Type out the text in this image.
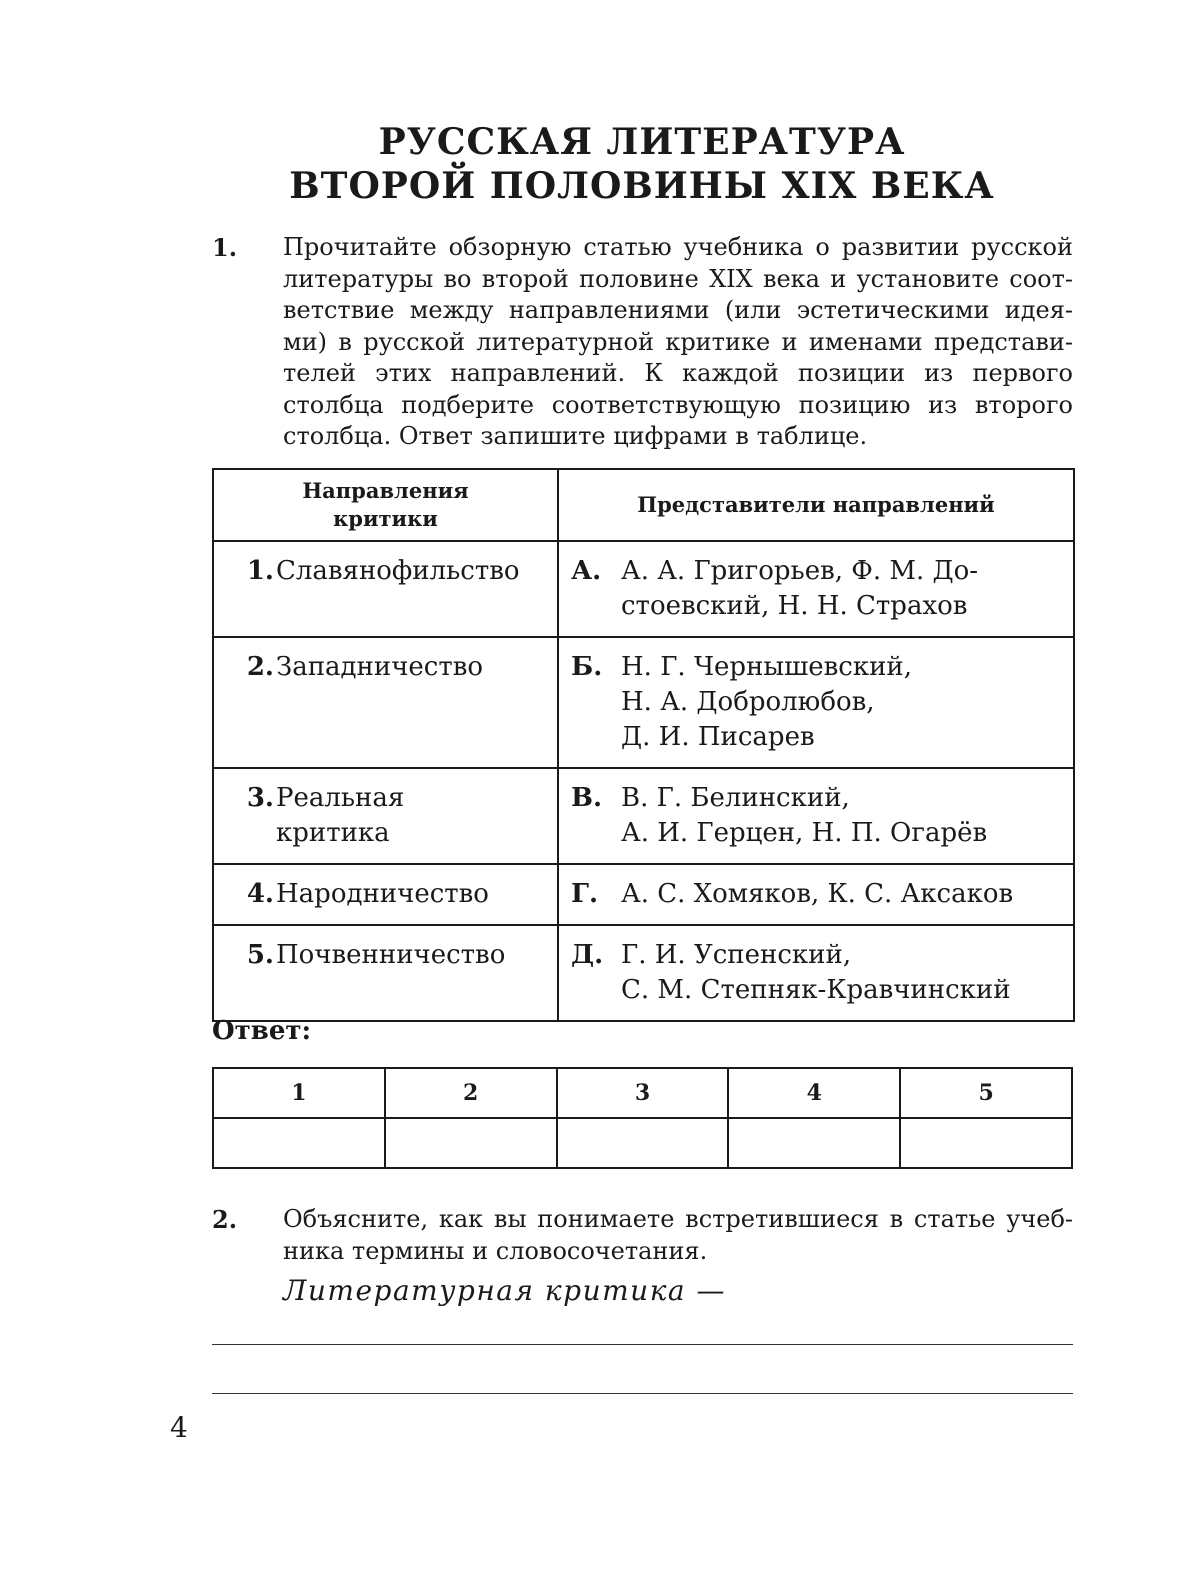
РУССКАЯ ЛИТЕРАТУРА
ВТОРОЙ ПОЛОВИНЫ XIX ВЕКА
1. Прочитайте обзорную статью учебника о развитии русской
литературы во второй половине XIX века и установите соот-
ветствие между направлениями (или эстетическими идея-
ми) в русской литературной критике и именами представи-
телей этих направлений. К каждой позиции из первого
столбца подберите соответствующую позицию из второго
столбца. Ответ запишите цифрами в таблице.
Направления критики	Представители направлений

1. Славянофильство	А. А. А. Григорьев, Ф. М. До-
стоевский, Н. Н. Страхов

2. Западничество	Б. Н. Г. Чернышевский,
Н. А. Добролюбов,
Д. И. Писарев

3. Реальная
критика	В. В. Г. Белинский,
А. И. Герцен, Н. П. Огарёв

4. Народничество	Г. А. С. Хомяков, К. С. Аксаков

5. Почвенничество	Д. Г. И. Успенский,
С. М. Степняк-Кравчинский
Ответ:
1	2	3	4	5

2. Объясните, как вы понимаете встретившиеся в статье учеб-
ника термины и словосочетания.
Литературная критика —
4
